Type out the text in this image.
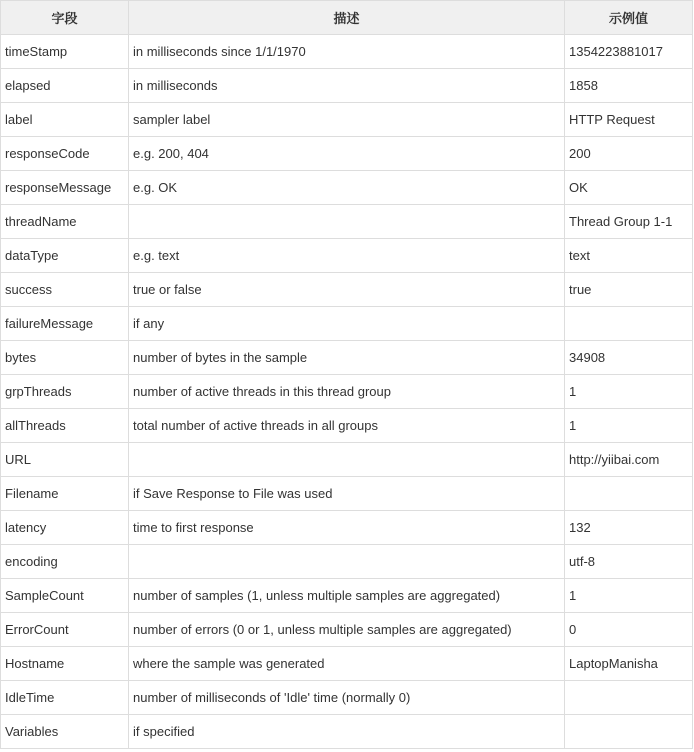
字段	描述	示例值
timeStamp	in milliseconds since 1/1/1970	1354223881017
elapsed	in milliseconds	1858
label	sampler label	HTTP Request
responseCode	e.g. 200, 404	200
responseMessage	e.g. OK	OK
threadName		Thread Group 1-1
dataType	e.g. text	text
success	true or false	true
failureMessage	if any	
bytes	number of bytes in the sample	34908
grpThreads	number of active threads in this thread group	1
allThreads	total number of active threads in all groups	1
URL		http://yiibai.com
Filename	if Save Response to File was used	
latency	time to first response	132
encoding		utf-8
SampleCount	number of samples (1, unless multiple samples are aggregated)	1
ErrorCount	number of errors (0 or 1, unless multiple samples are aggregated)	0
Hostname	where the sample was generated	LaptopManisha
IdleTime	number of milliseconds of 'Idle' time (normally 0)	
Variables	if specified	
